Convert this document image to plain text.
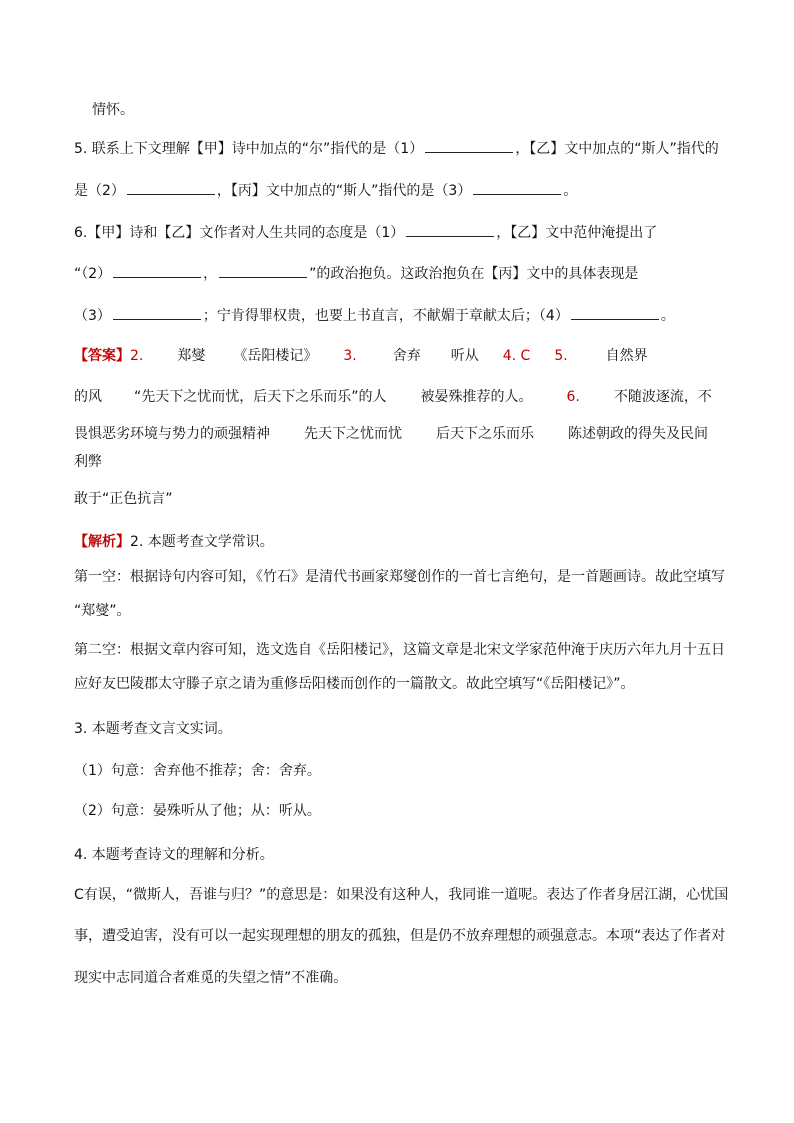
情怀。
5. 联系上下文理解【甲】诗中加点的“尔”指代的是（1）	，【乙】文中加点的“斯人”指代的
是（2）	，【丙】文中加点的“斯人”指代的是（3）	。
6.【甲】诗和【乙】文作者对人生共同的态度是（1）	，【乙】文中范仲淹提出了
“（2）	，	”的政治抱负。这政治抱负在【丙】文中的具体表现是
（3）	；宁肯得罪权贵，也要上书直言，不献媚于章献太后；（4）	。
【答案】2. 郑燮 《岳阳楼记》 3.	舍弃 听从 4. C 5.	自然界
的风 “先天下之忧而忧，后天下之乐而乐”的人 被晏殊推荐的人。 6. 不随波逐流，不
畏惧恶劣环境与势力的顽强精神 先天下之忧而忧 后天下之乐而乐 陈述朝政的得失及民间
利弊
敢于“正色抗言”
【解析】2. 本题考查文学常识。
第一空：根据诗句内容可知，《竹石》是清代书画家郑燮创作的一首七言绝句，是一首题画诗。故此空填写
“郑燮”。
第二空：根据文章内容可知，选文选自《岳阳楼记》，这篇文章是北宋文学家范仲淹于庆历六年九月十五日
应好友巴陵郡太守滕子京之请为重修岳阳楼而创作的一篇散文。故此空填写“《岳阳楼记》”。
3. 本题考查文言文实词。
（1）句意：舍弃他不推荐；舍：舍弃。
（2）句意：晏殊听从了他；从：听从。
4. 本题考查诗文的理解和分析。
C有误，“微斯人，吾谁与归？”的意思是：如果没有这种人，我同谁一道呢。表达了作者身居江湖，心忧国
事，遭受迫害，没有可以一起实现理想的朋友的孤独，但是仍不放弃理想的顽强意志。本项“表达了作者对
现实中志同道合者难觅的失望之情”不准确。
